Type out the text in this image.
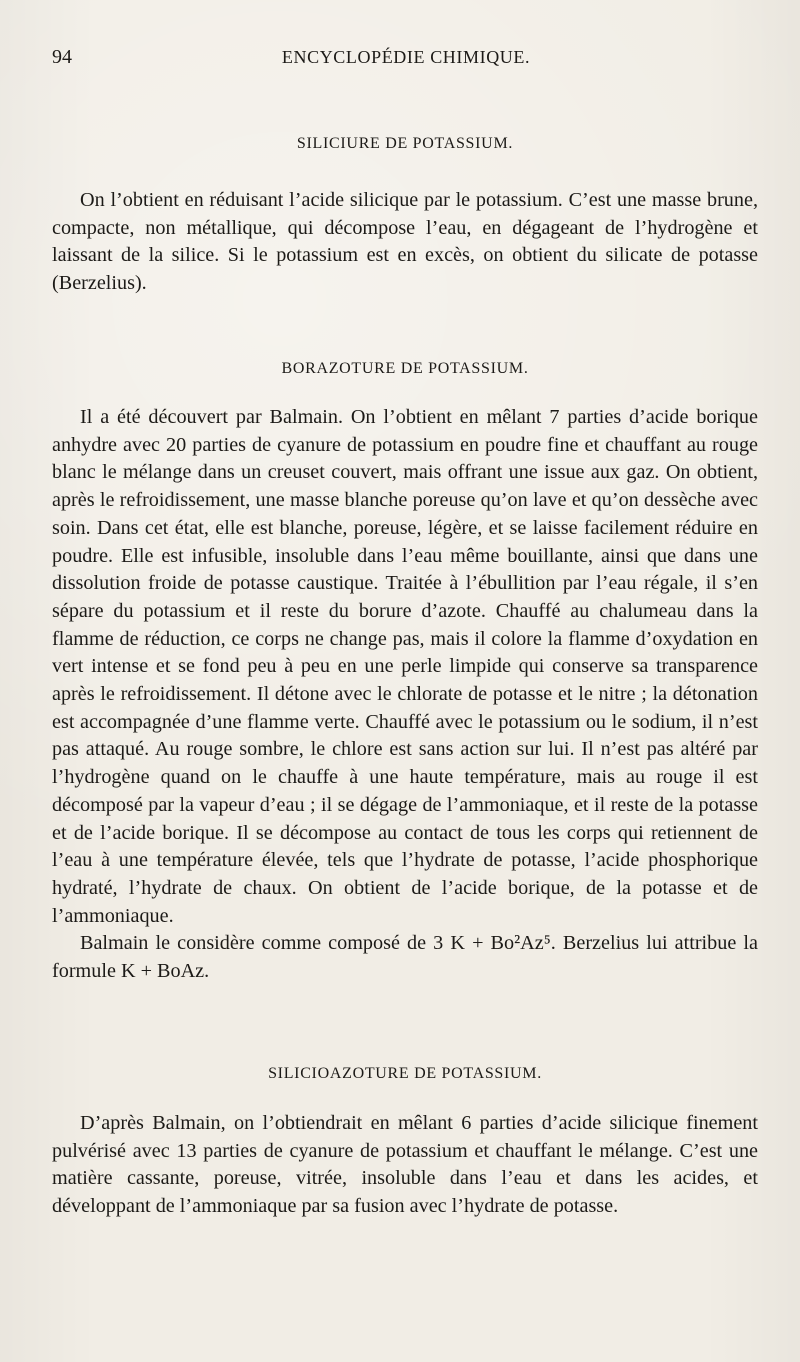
94	ENCYCLOPÉDIE CHIMIQUE.
SILICIURE DE POTASSIUM.

On l’obtient en réduisant l’acide silicique par le potassium. C’est une masse brune, compacte, non métallique, qui décompose l’eau, en dégageant de l’hydrogène et laissant de la silice. Si le potassium est en excès, on obtient du silicate de potasse (Berzelius).

BORAZOTURE DE POTASSIUM.

Il a été découvert par Balmain. On l’obtient en mêlant 7 parties d’acide borique anhydre avec 20 parties de cyanure de potassium en poudre fine et chauffant au rouge blanc le mélange dans un creuset couvert, mais offrant une issue aux gaz. On obtient, après le refroidissement, une masse blanche poreuse qu’on lave et qu’on dessèche avec soin. Dans cet état, elle est blanche, poreuse, légère, et se laisse facilement réduire en poudre. Elle est infusible, insoluble dans l’eau même bouillante, ainsi que dans une dissolution froide de potasse caustique. Traitée à l’ébullition par l’eau régale, il s’en sépare du potassium et il reste du borure d’azote. Chauffé au chalumeau dans la flamme de réduction, ce corps ne change pas, mais il colore la flamme d’oxydation en vert intense et se fond peu à peu en une perle limpide qui conserve sa transparence après le refroidissement. Il détone avec le chlorate de potasse et le nitre ; la détonation est accompagnée d’une flamme verte. Chauffé avec le potassium ou le sodium, il n’est pas attaqué. Au rouge sombre, le chlore est sans action sur lui. Il n’est pas altéré par l’hydrogène quand on le chauffe à une haute température, mais au rouge il est décomposé par la vapeur d’eau ; il se dégage de l’ammoniaque, et il reste de la potasse et de l’acide borique. Il se décompose au contact de tous les corps qui retiennent de l’eau à une température élevée, tels que l’hydrate de potasse, l’acide phosphorique hydraté, l’hydrate de chaux. On obtient de l’acide borique, de la potasse et de l’ammoniaque.

Balmain le considère comme composé de 3 K + Bo²Az⁵. Berzelius lui attribue la formule K + BoAz.

SILICIOAZOTURE DE POTASSIUM.

D’après Balmain, on l’obtiendrait en mêlant 6 parties d’acide silicique finement pulvérisé avec 13 parties de cyanure de potassium et chauffant le mélange. C’est une matière cassante, poreuse, vitrée, insoluble dans l’eau et dans les acides, et développant de l’ammoniaque par sa fusion avec l’hydrate de potasse.
